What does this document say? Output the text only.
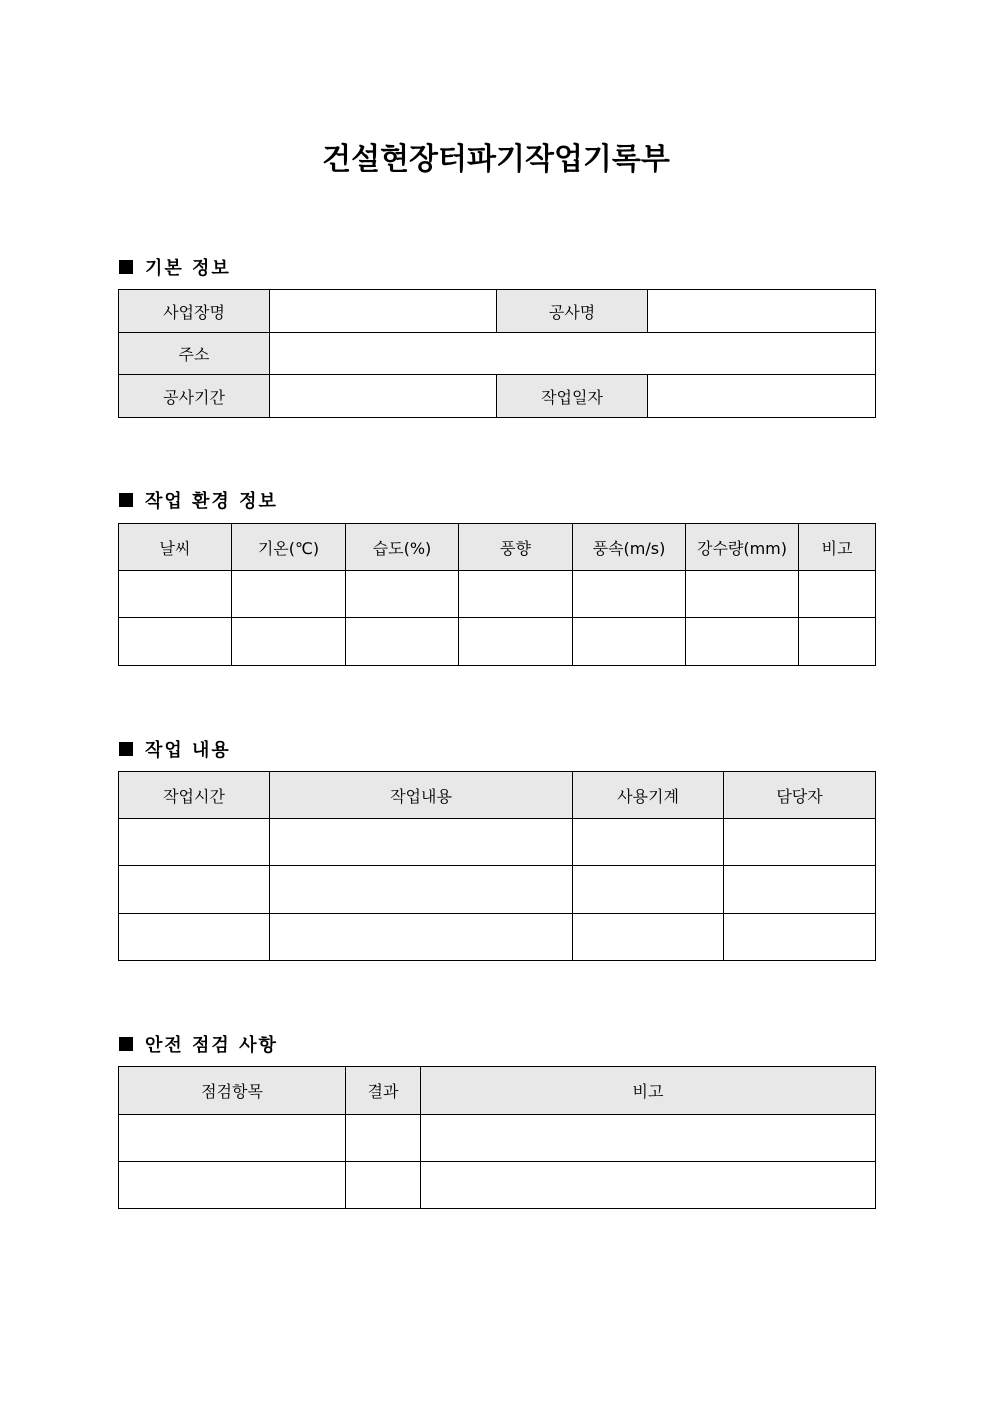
건설현장터파기작업기록부
기본 정보
사업장명		공사명	
주소			
공사기간		작업일자	
작업 환경 정보
날씨	기온(℃)	습도(%)	풍향	풍속(m/s)	강수량(mm)	비고

작업 내용
작업시간	작업내용	사용기계	담당자

안전 점검 사항
점검항목	결과	비고
